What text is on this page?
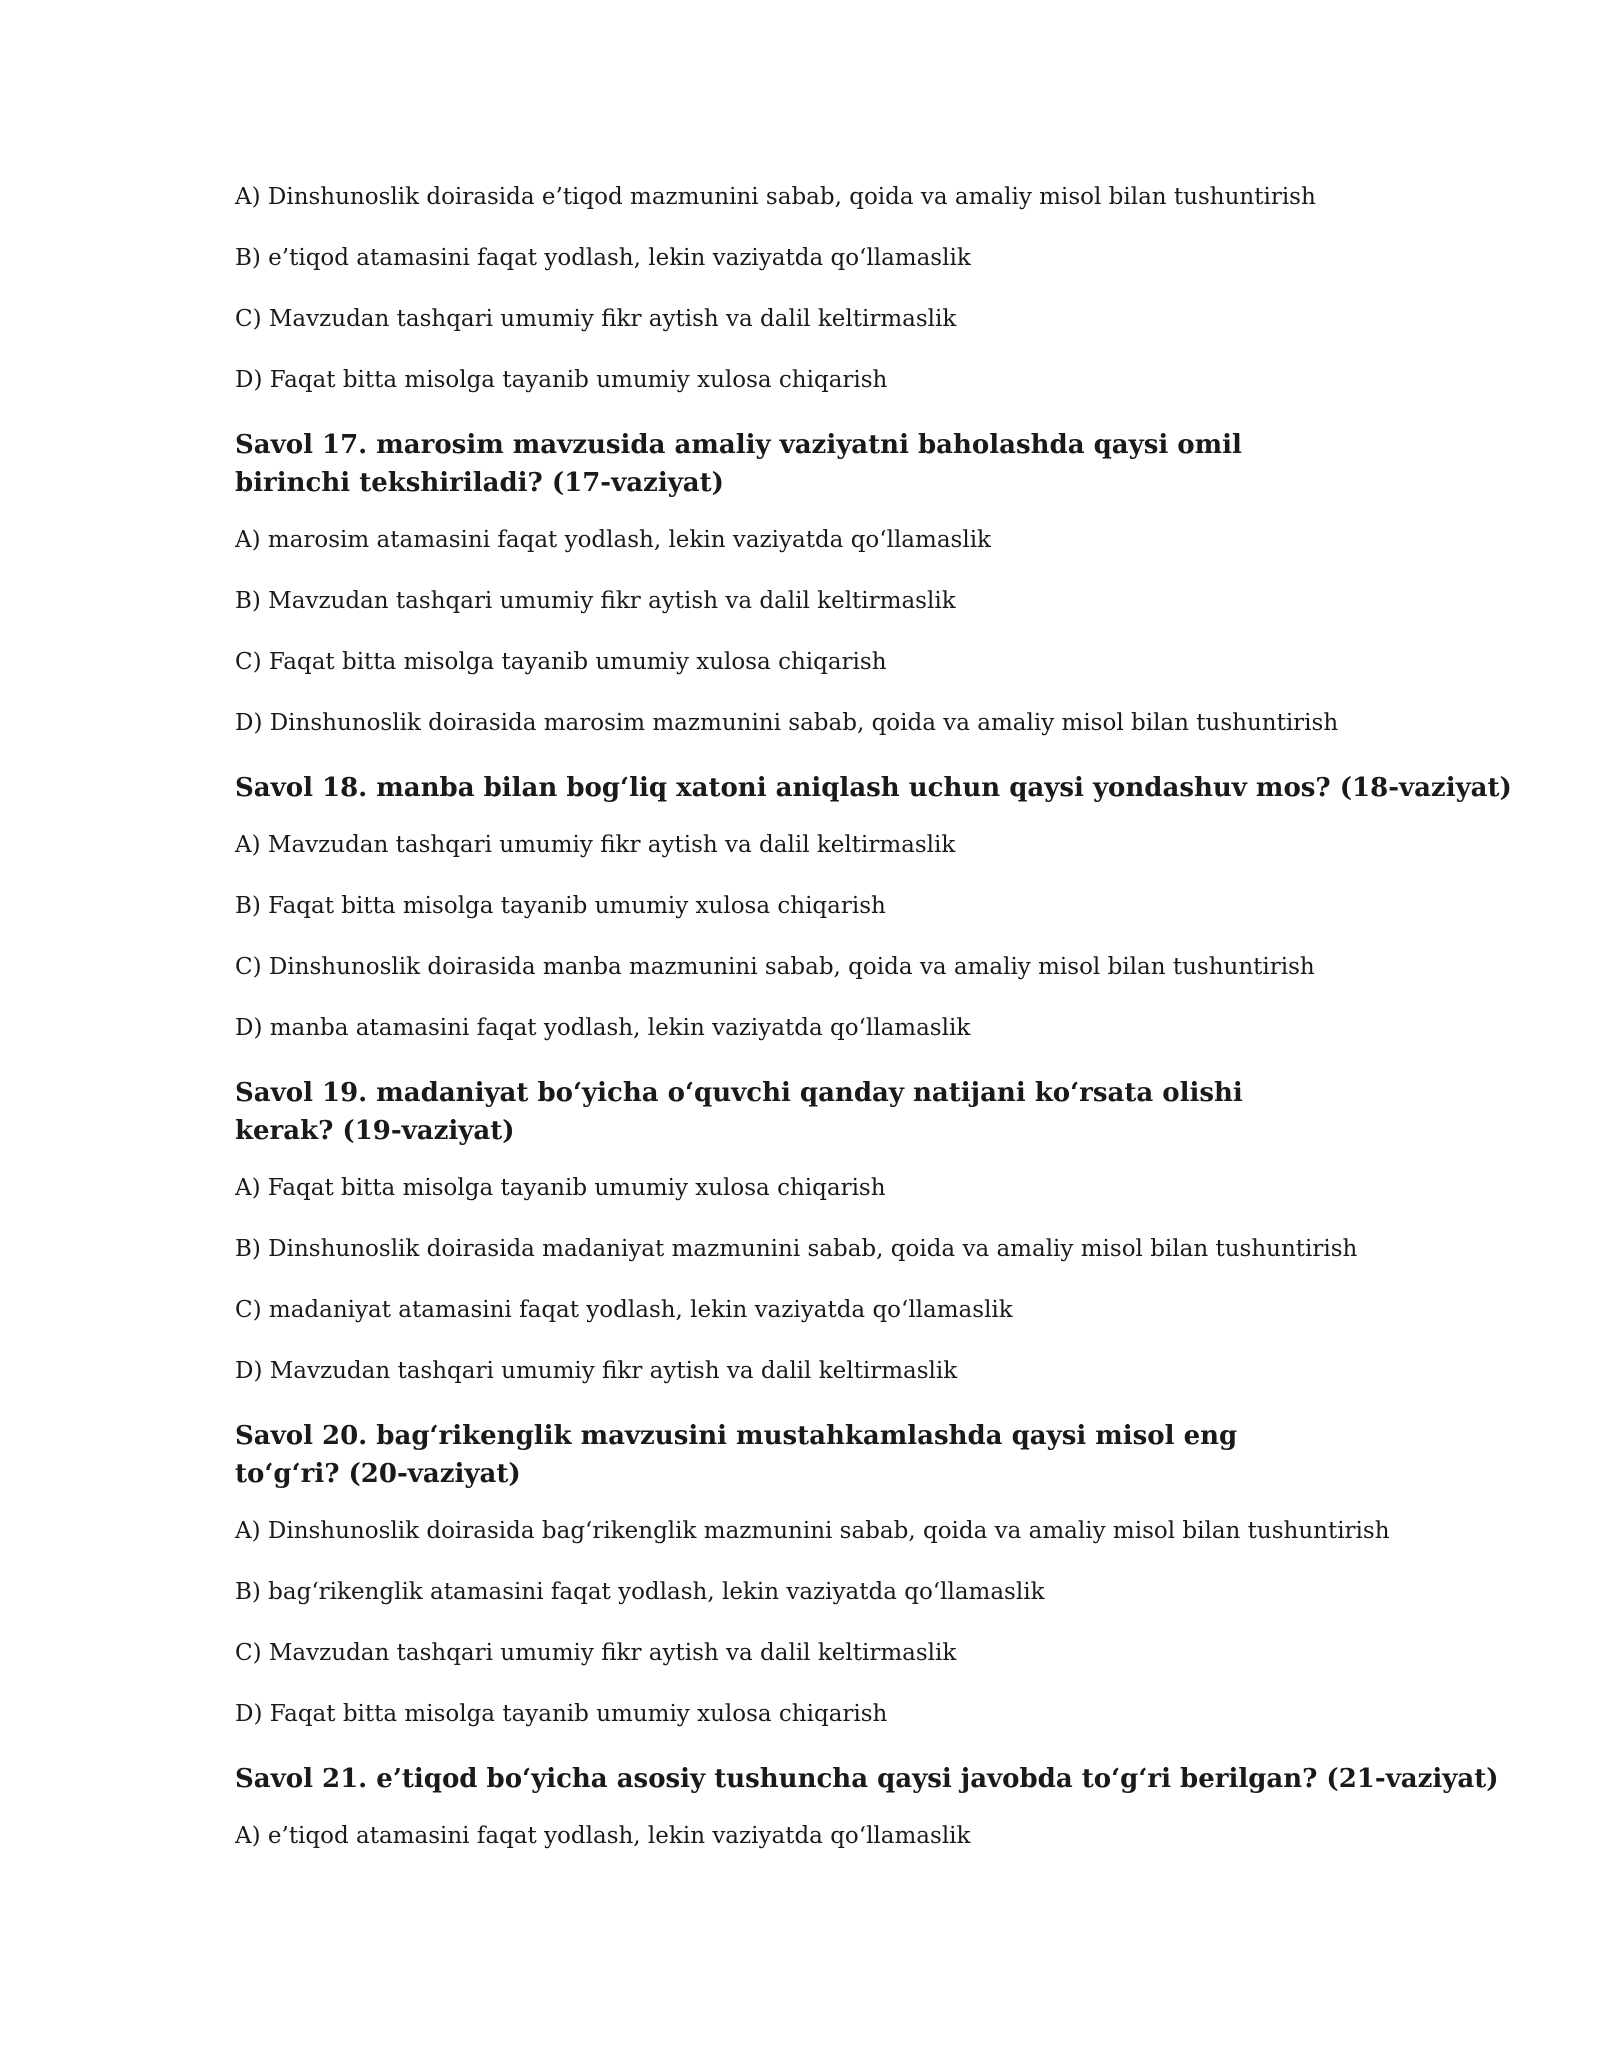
A) Dinshunoslik doirasida e’tiqod mazmunini sabab, qoida va amaliy misol bilan tushuntirish
B) e’tiqod atamasini faqat yodlash, lekin vaziyatda qo‘llamaslik
C) Mavzudan tashqari umumiy fikr aytish va dalil keltirmaslik
D) Faqat bitta misolga tayanib umumiy xulosa chiqarish
Savol 17. marosim mavzusida amaliy vaziyatni baholashda qaysi omil birinchi tekshiriladi? (17-vaziyat)
A) marosim atamasini faqat yodlash, lekin vaziyatda qo‘llamaslik
B) Mavzudan tashqari umumiy fikr aytish va dalil keltirmaslik
C) Faqat bitta misolga tayanib umumiy xulosa chiqarish
D) Dinshunoslik doirasida marosim mazmunini sabab, qoida va amaliy misol bilan tushuntirish
Savol 18. manba bilan bog‘liq xatoni aniqlash uchun qaysi yondashuv mos? (18-vaziyat)
A) Mavzudan tashqari umumiy fikr aytish va dalil keltirmaslik
B) Faqat bitta misolga tayanib umumiy xulosa chiqarish
C) Dinshunoslik doirasida manba mazmunini sabab, qoida va amaliy misol bilan tushuntirish
D) manba atamasini faqat yodlash, lekin vaziyatda qo‘llamaslik
Savol 19. madaniyat bo‘yicha o‘quvchi qanday natijani ko‘rsata olishi kerak? (19-vaziyat)
A) Faqat bitta misolga tayanib umumiy xulosa chiqarish
B) Dinshunoslik doirasida madaniyat mazmunini sabab, qoida va amaliy misol bilan tushuntirish
C) madaniyat atamasini faqat yodlash, lekin vaziyatda qo‘llamaslik
D) Mavzudan tashqari umumiy fikr aytish va dalil keltirmaslik
Savol 20. bag‘rikenglik mavzusini mustahkamlashda qaysi misol eng to‘g‘ri? (20-vaziyat)
A) Dinshunoslik doirasida bag‘rikenglik mazmunini sabab, qoida va amaliy misol bilan tushuntirish
B) bag‘rikenglik atamasini faqat yodlash, lekin vaziyatda qo‘llamaslik
C) Mavzudan tashqari umumiy fikr aytish va dalil keltirmaslik
D) Faqat bitta misolga tayanib umumiy xulosa chiqarish
Savol 21. e’tiqod bo‘yicha asosiy tushuncha qaysi javobda to‘g‘ri berilgan? (21-vaziyat)
A) e’tiqod atamasini faqat yodlash, lekin vaziyatda qo‘llamaslik
